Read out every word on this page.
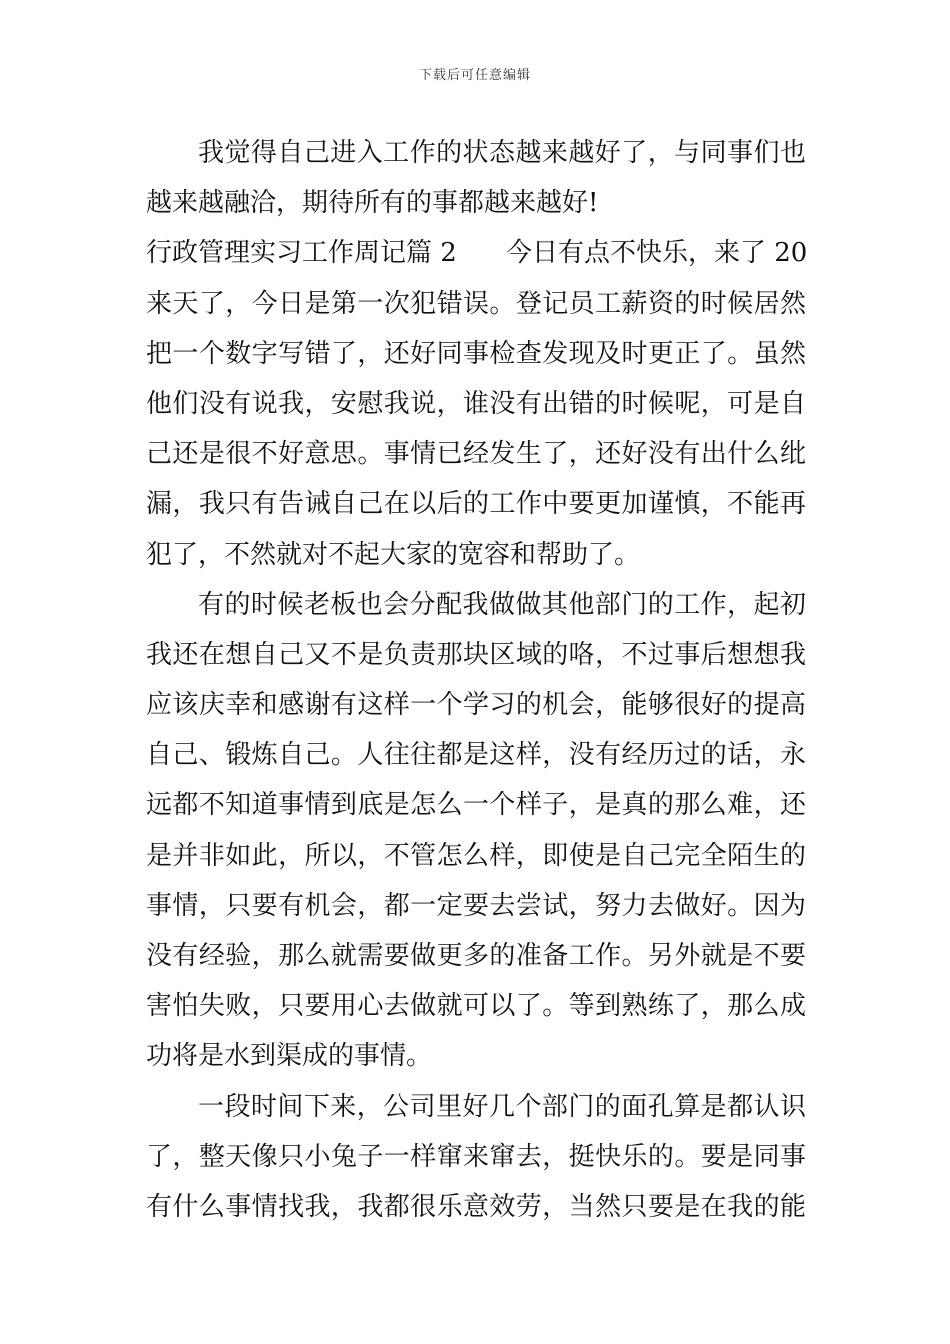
下载后可任意编辑
我觉得自己进入工作的状态越来越好了，与同事们也
越来越融洽，期待所有的事都越来越好!
行政管理实习工作周记篇 2 今日有点不快乐，来了 20
来天了，今日是第一次犯错误。登记员工薪资的时候居然
把一个数字写错了，还好同事检查发现及时更正了。虽然
他们没有说我，安慰我说，谁没有出错的时候呢，可是自
己还是很不好意思。事情已经发生了，还好没有出什么纰
漏，我只有告诫自己在以后的工作中要更加谨慎，不能再
犯了，不然就对不起大家的宽容和帮助了。
有的时候老板也会分配我做做其他部门的工作，起初
我还在想自己又不是负责那块区域的咯，不过事后想想我
应该庆幸和感谢有这样一个学习的机会，能够很好的提高
自己、锻炼自己。人往往都是这样，没有经历过的话，永
远都不知道事情到底是怎么一个样子，是真的那么难，还
是并非如此，所以，不管怎么样，即使是自己完全陌生的
事情，只要有机会，都一定要去尝试，努力去做好。因为
没有经验，那么就需要做更多的准备工作。另外就是不要
害怕失败，只要用心去做就可以了。等到熟练了，那么成
功将是水到渠成的事情。
一段时间下来，公司里好几个部门的面孔算是都认识
了，整天像只小兔子一样窜来窜去，挺快乐的。要是同事
有什么事情找我，我都很乐意效劳，当然只要是在我的能
